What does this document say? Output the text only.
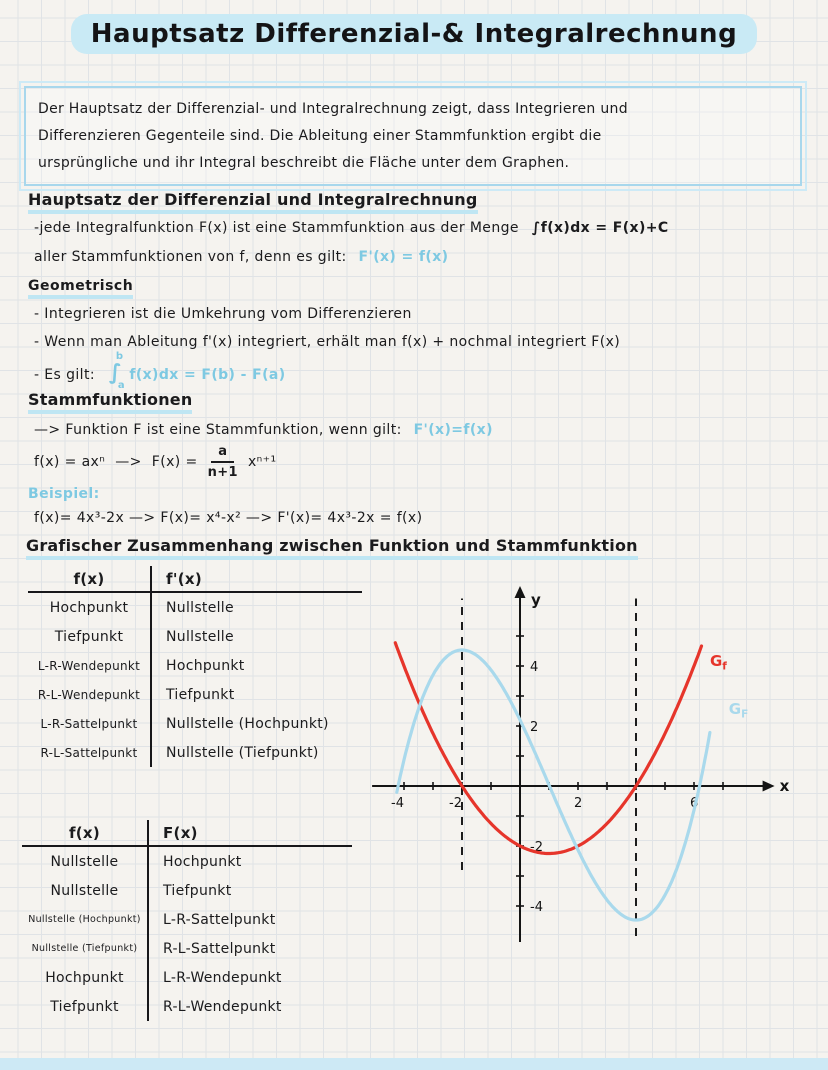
Hauptsatz Differenzial-& Integralrechnung
Der Hauptsatz der Differenzial- und Integralrechnung zeigt, dass Integrieren und
Differenzieren Gegenteile sind. Die Ableitung einer Stammfunktion ergibt die
ursprüngliche und ihr Integral beschreibt die Fläche unter dem Graphen.
Hauptsatz der Differenzial und Integralrechnung
-jede Integralfunktion F(x) ist eine Stammfunktion aus der Menge ∫f(x)dx = F(x)+C
aller Stammfunktionen von f, denn es gilt: F'(x) = f(x)
Geometrisch
- Integrieren ist die Umkehrung vom Differenzieren
- Wenn man Ableitung f'(x) integriert, erhält man f(x) + nochmal integriert F(x)
- Es gilt:
b
∫
a
f(x)dx = F(b) - F(a)
Stammfunktionen
—> Funktion F ist eine Stammfunktion, wenn gilt: F'(x)=f(x)
f(x) = axⁿ —> $F(x) = \frac{a}{n+1} x^{n+1}$
Beispiel:
f(x)= 4x³-2x —> F(x)= x⁴-x² —> F'(x)= 4x³-2x = f(x)
Grafischer Zusammenhang zwischen Funktion und Stammfunktion
f(x)	f'(x)
Hochpunkt	Nullstelle
Tiefpunkt	Nullstelle
L-R-Wendepunkt	Hochpunkt
R-L-Wendepunkt	Tiefpunkt
L-R-Sattelpunkt	Nullstelle (Hochpunkt)
R-L-Sattelpunkt	Nullstelle (Tiefpunkt)
f(x)	F(x)
Nullstelle	Hochpunkt
Nullstelle	Tiefpunkt
Nullstelle (Hochpunkt)	L-R-Sattelpunkt
Nullstelle (Tiefpunkt)	R-L-Sattelpunkt
Hochpunkt	L-R-Wendepunkt
Tiefpunkt	R-L-Wendepunkt
x
y
-4	-2	2	6
4
2
-2
-4
$G_f$
$G_F$
